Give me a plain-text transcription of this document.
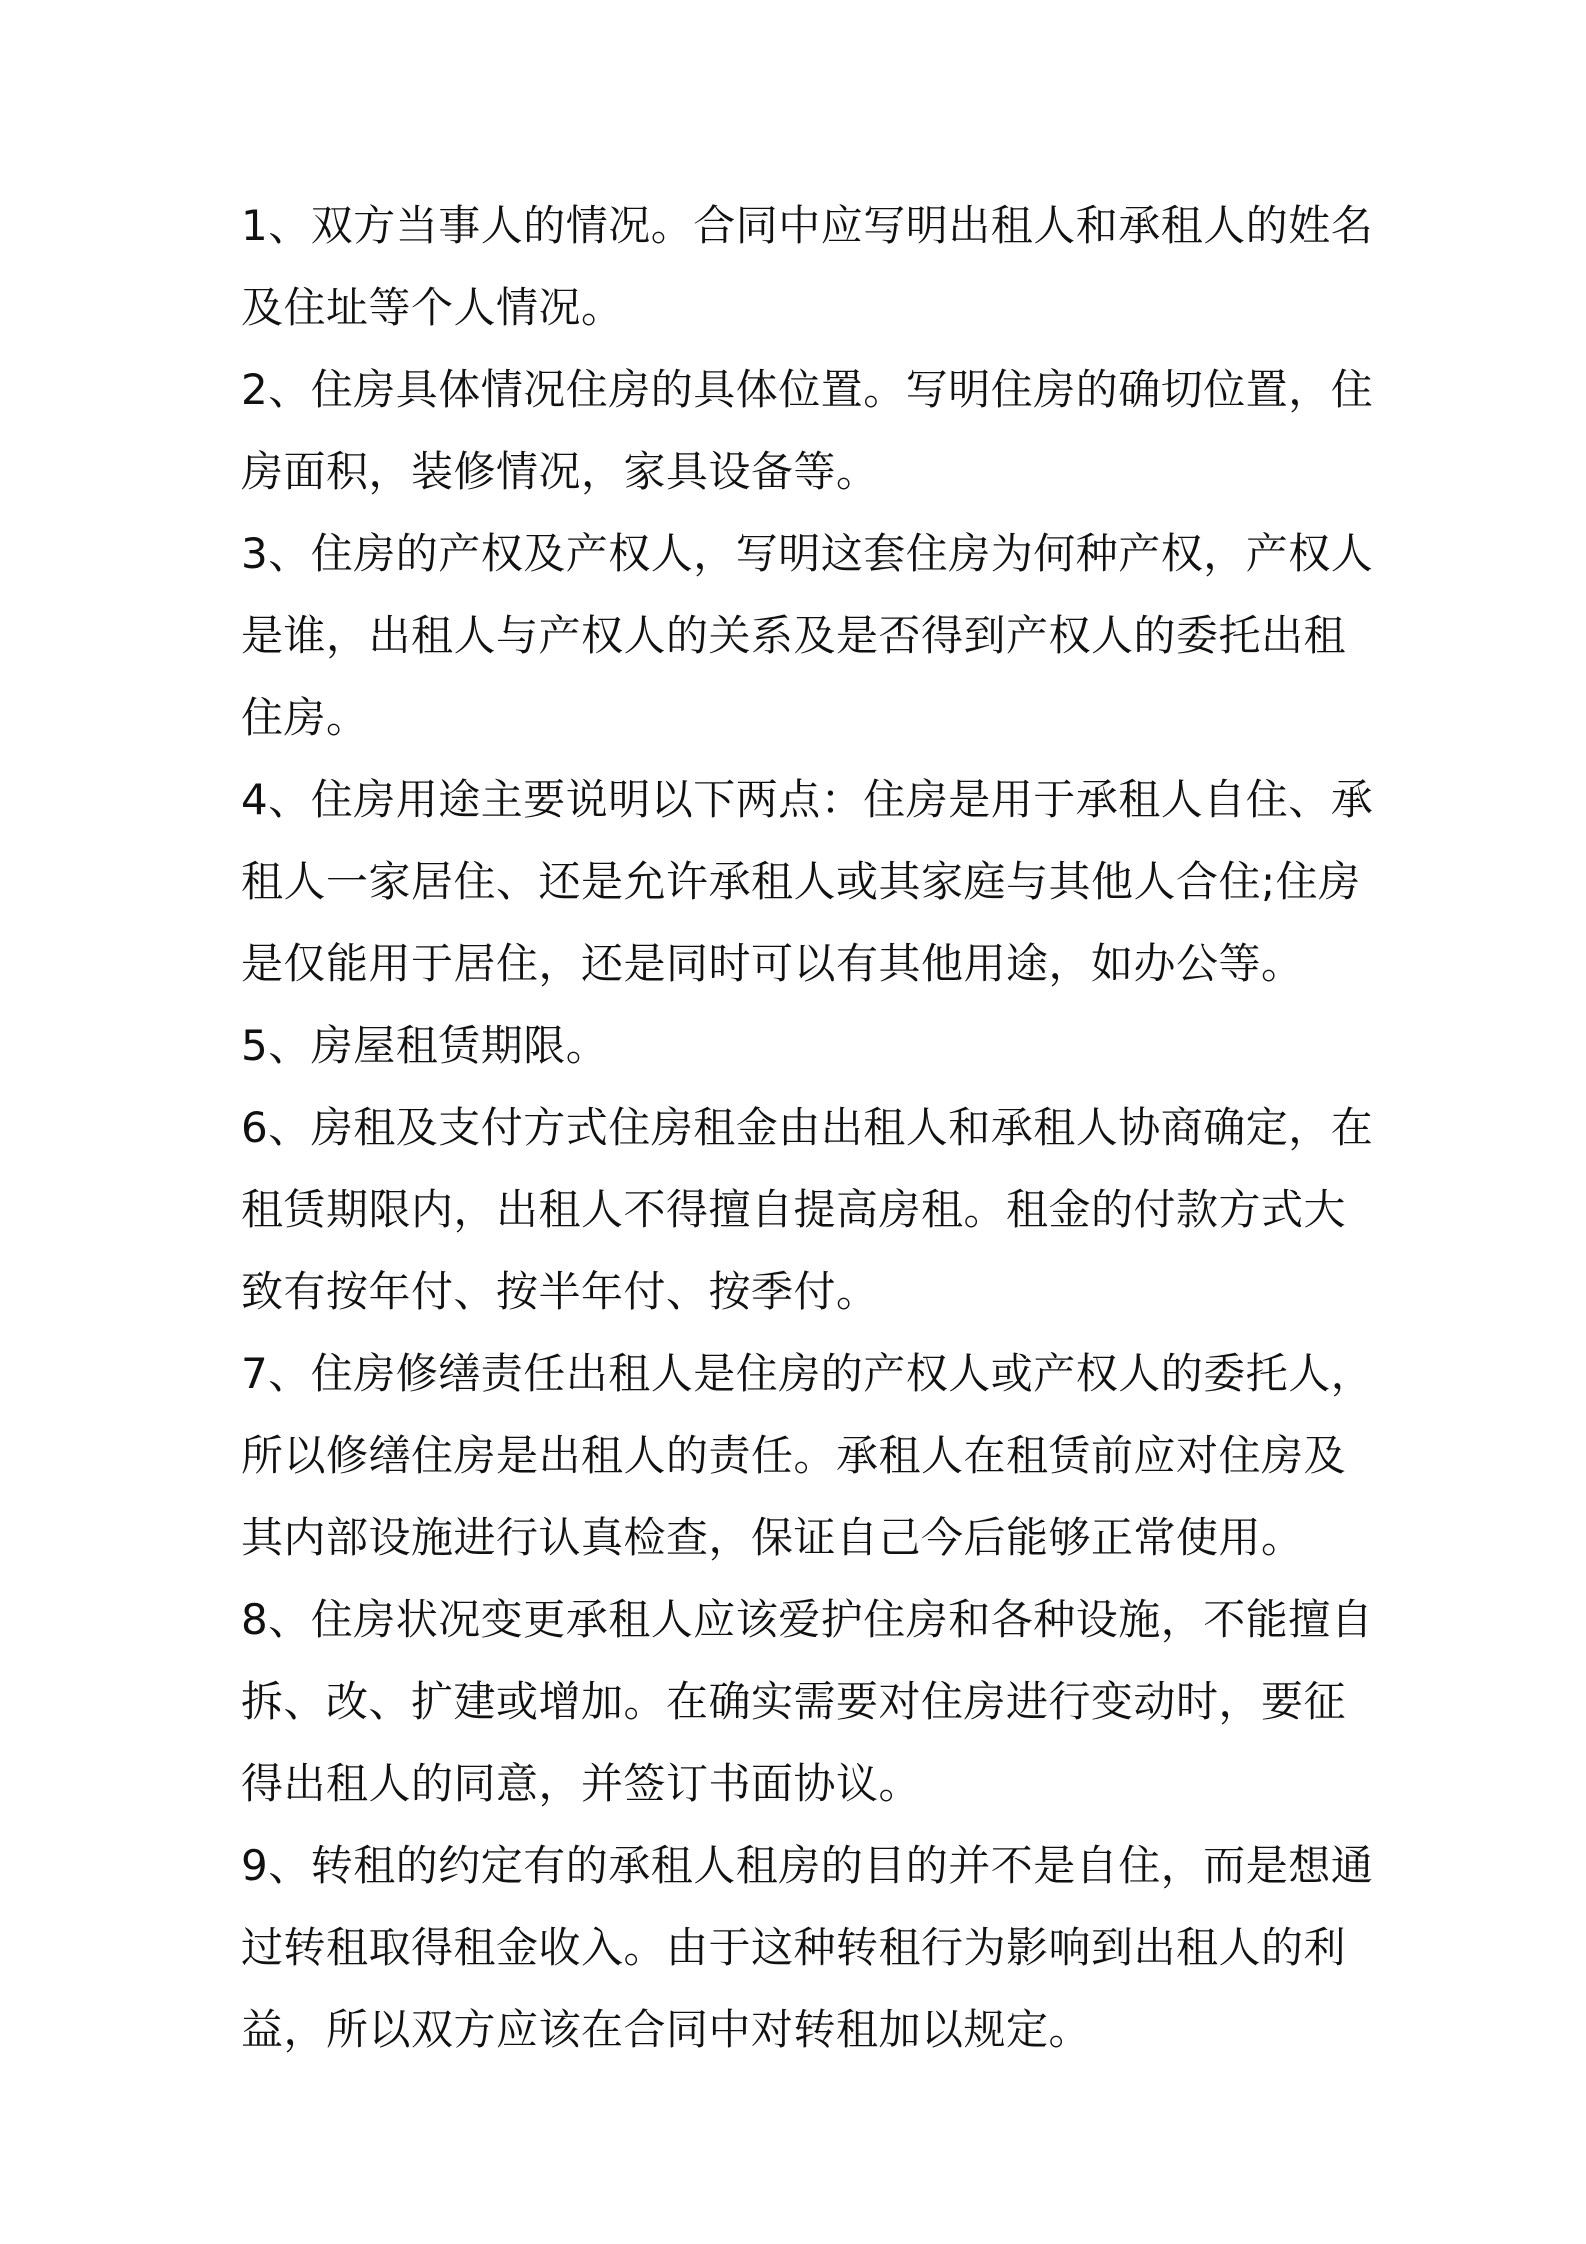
1、双方当事人的情况。合同中应写明出租人和承租人的姓名及住址等个人情况。

2、住房具体情况住房的具体位置。写明住房的确切位置，住房面积，装修情况，家具设备等。

3、住房的产权及产权人，写明这套住房为何种产权，产权人是谁，出租人与产权人的关系及是否得到产权人的委托出租住房。

4、住房用途主要说明以下两点：住房是用于承租人自住、承租人一家居住、还是允许承租人或其家庭与其他人合住;住房是仅能用于居住，还是同时可以有其他用途，如办公等。

5、房屋租赁期限。

6、房租及支付方式住房租金由出租人和承租人协商确定，在租赁期限内，出租人不得擅自提高房租。租金的付款方式大致有按年付、按半年付、按季付。

7、住房修缮责任出租人是住房的产权人或产权人的委托人，所以修缮住房是出租人的责任。承租人在租赁前应对住房及其内部设施进行认真检查，保证自己今后能够正常使用。

8、住房状况变更承租人应该爱护住房和各种设施，不能擅自拆、改、扩建或增加。在确实需要对住房进行变动时，要征得出租人的同意，并签订书面协议。

9、转租的约定有的承租人租房的目的并不是自住，而是想通过转租取得租金收入。由于这种转租行为影响到出租人的利益，所以双方应该在合同中对转租加以规定。
